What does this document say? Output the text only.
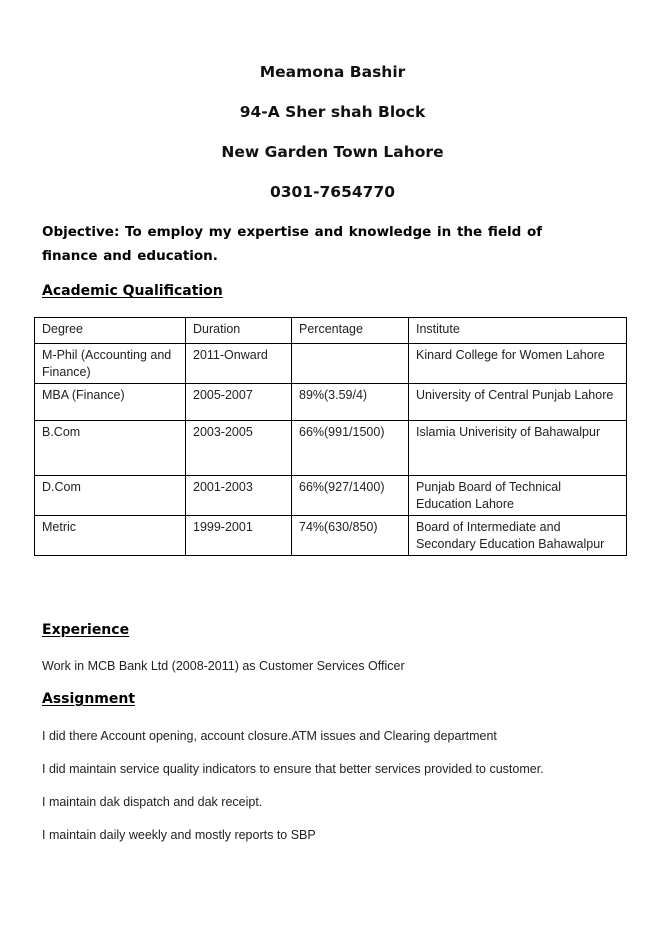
Meamona Bashir
94-A Sher shah Block
New Garden Town Lahore
0301-7654770
Objective: To employ my expertise and knowledge in the field of finance and education.
Academic Qualification
Degree	Duration	Percentage	Institute
M-Phil (Accounting and Finance)	2011-Onward		Kinard College for Women Lahore
MBA (Finance)	2005-2007	89%(3.59/4)	University of Central Punjab Lahore
B.Com	2003-2005	66%(991/1500)	Islamia Univerisity of Bahawalpur
D.Com	2001-2003	66%(927/1400)	Punjab Board of Technical Education Lahore
Metric	1999-2001	74%(630/850)	Board of Intermediate and Secondary Education Bahawalpur
Experience
Work in MCB Bank Ltd (2008-2011) as Customer Services Officer
Assignment
I did there Account opening, account closure.ATM issues and Clearing department
I did maintain service quality indicators to ensure that better services provided to customer.
I maintain dak dispatch and dak receipt.
I maintain daily weekly and mostly reports to SBP
